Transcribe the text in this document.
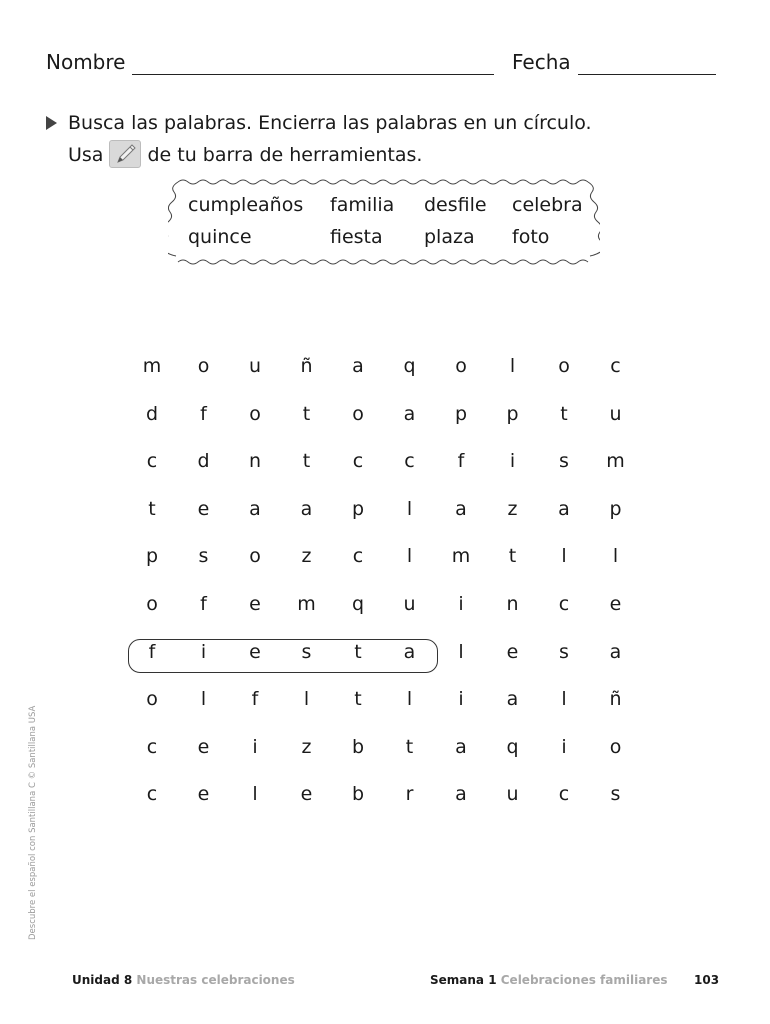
Nombre	Fecha
Busca las palabras. Encierra las palabras en un círculo.
Usa de tu barra de herramientas.
cumpleaños familia desfile celebra
quince	fiesta plaza foto
m	o	u	ñ	a	q	o	l	o	c
d	f	o	t	o	a	p	p	t	u
c	d	n	t	c	c	f	i	s	m
t	e	a	a	p	l	a	z	a	p
p	s	o	z	c	l	m	t	l	l
o	f	e	m	q	u	i	n	c	e
f	i	e	s	t	a	l	e	s	a
o	l	f	l	t	l	i	a	l	ñ
c	e	i	z	b	t	a	q	i	o
c	e	l	e	b	r	a	u	c	s
Descubre el español con Santillana C © Santillana USA
Unidad 8 Nuestras celebraciones	Semana 1 Celebraciones familiares 103
